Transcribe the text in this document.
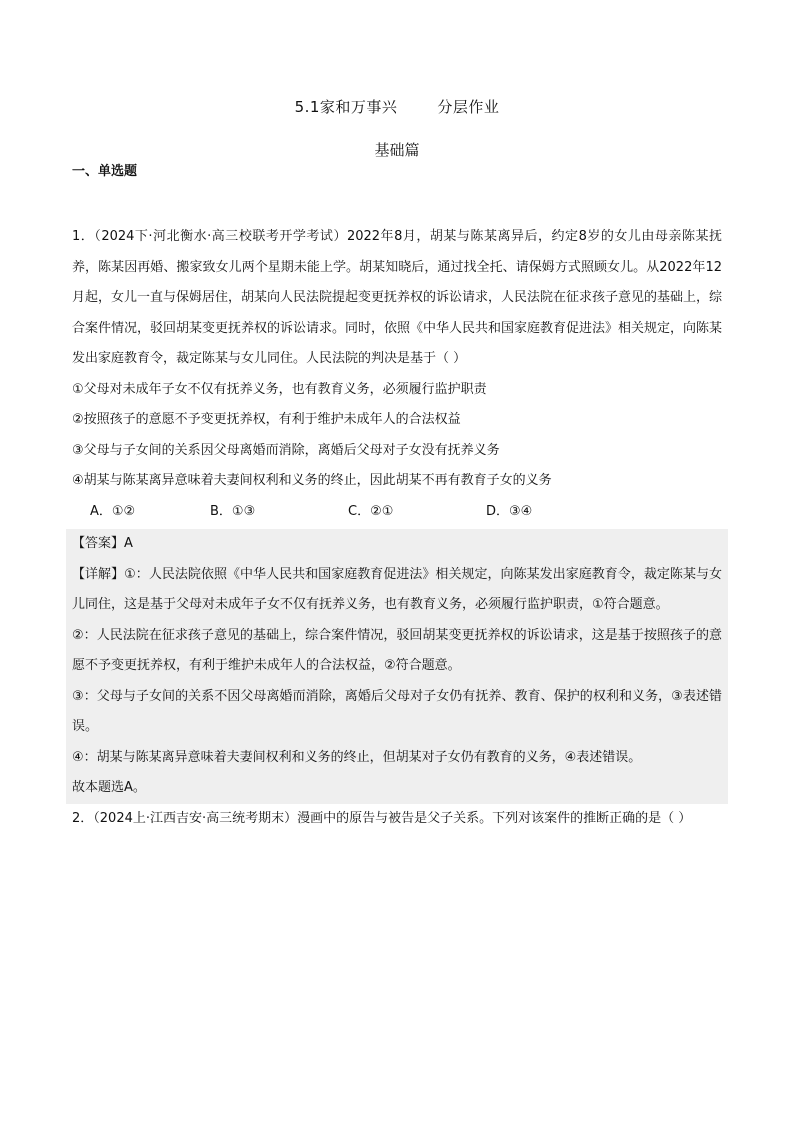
5.1家和万事兴	分层作业
基础篇
一、单选题

1．（2024下·河北衡水·高三校联考开学考试）2022年8月，胡某与陈某离异后，约定8岁的女儿由母亲陈某抚养，陈某因再婚、搬家致女儿两个星期未能上学。胡某知晓后，通过找全托、请保姆方式照顾女儿。从2022年12月起，女儿一直与保姆居住，胡某向人民法院提起变更抚养权的诉讼请求，人民法院在征求孩子意见的基础上，综合案件情况，驳回胡某变更抚养权的诉讼请求。同时，依照《中华人民共和国家庭教育促进法》相关规定，向陈某发出家庭教育令，裁定陈某与女儿同住。人民法院的判决是基于（ ）

①父母对未成年子女不仅有抚养义务，也有教育义务，必须履行监护职责

②按照孩子的意愿不予变更抚养权，有利于维护未成年人的合法权益

③父母与子女间的关系因父母离婚而消除，离婚后父母对子女没有抚养义务

④胡某与陈某离异意味着夫妻间权利和义务的终止，因此胡某不再有教育子女的义务

A．①②	B．①③	C．②①	D．③④

【答案】A

【详解】①：人民法院依照《中华人民共和国家庭教育促进法》相关规定，向陈某发出家庭教育令，裁定陈某与女儿同住，这是基于父母对未成年子女不仅有抚养义务，也有教育义务，必须履行监护职责，①符合题意。

②：人民法院在征求孩子意见的基础上，综合案件情况，驳回胡某变更抚养权的诉讼请求，这是基于按照孩子的意愿不予变更抚养权，有利于维护未成年人的合法权益，②符合题意。

③：父母与子女间的关系不因父母离婚而消除，离婚后父母对子女仍有抚养、教育、保护的权利和义务，③表述错误。

④：胡某与陈某离异意味着夫妻间权利和义务的终止，但胡某对子女仍有教育的义务，④表述错误。

故本题选A。

2．（2024上·江西吉安·高三统考期末）漫画中的原告与被告是父子关系。下列对该案件的推断正确的是（ ）
